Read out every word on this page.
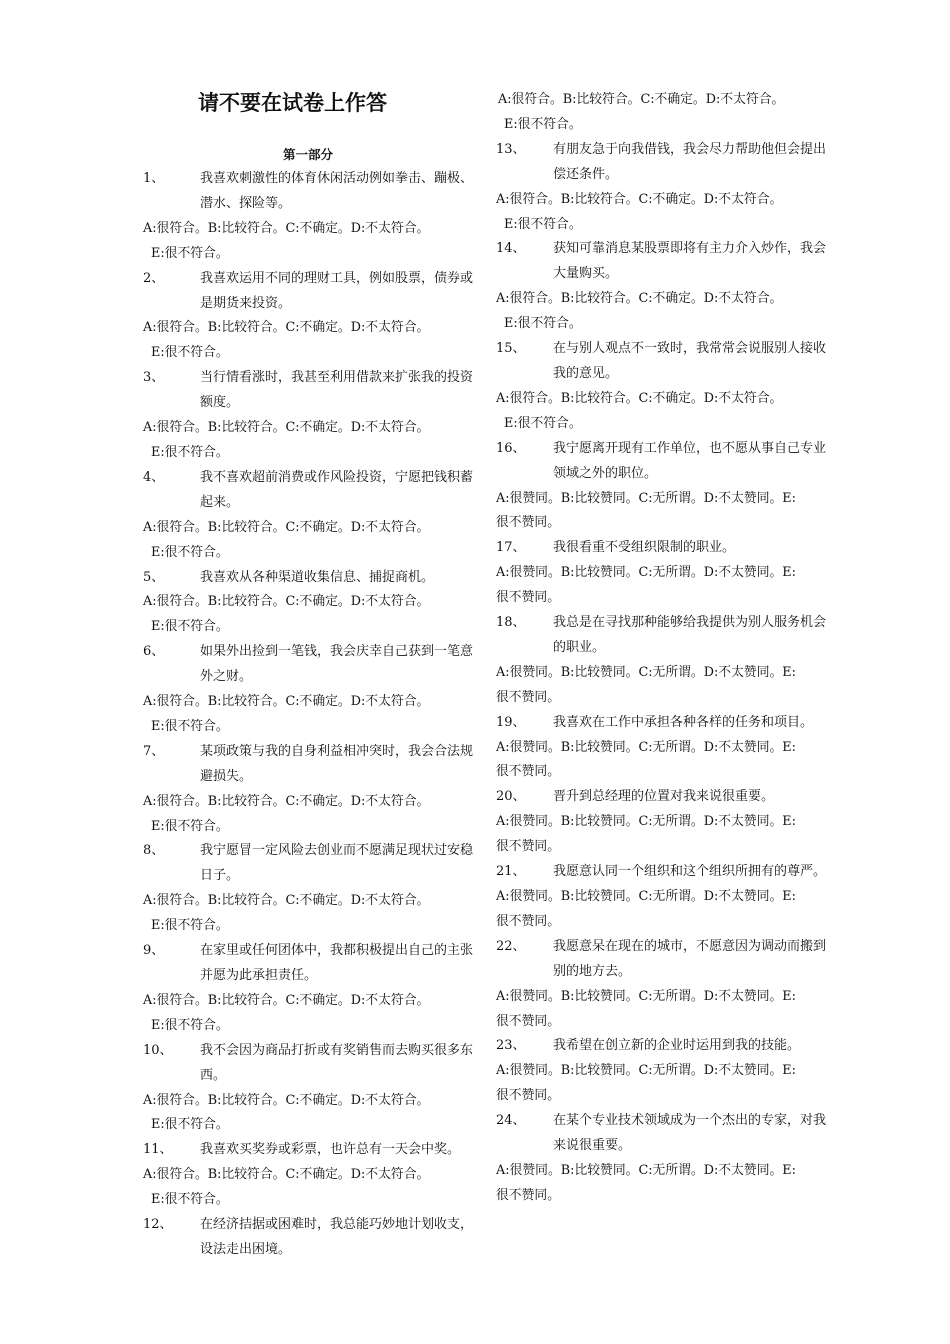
请不要在试卷上作答
第一部分
1、	我喜欢刺激性的体育休闲活动例如拳击、蹦极、潜水、探险等。
A:很符合。B:比较符合。C:不确定。D:不太符合。
E:很不符合。
2、	我喜欢运用不同的理财工具，例如股票，债券或是期货来投资。
A:很符合。B:比较符合。C:不确定。D:不太符合。
E:很不符合。
3、	当行情看涨时，我甚至利用借款来扩张我的投资额度。
A:很符合。B:比较符合。C:不确定。D:不太符合。
E:很不符合。
4、	我不喜欢超前消费或作风险投资，宁愿把钱积蓄起来。
A:很符合。B:比较符合。C:不确定。D:不太符合。
E:很不符合。
5、	我喜欢从各种渠道收集信息、捕捉商机。
A:很符合。B:比较符合。C:不确定。D:不太符合。
E:很不符合。
6、	如果外出捡到一笔钱，我会庆幸自己获到一笔意外之财。
A:很符合。B:比较符合。C:不确定。D:不太符合。
E:很不符合。
7、	某项政策与我的自身利益相冲突时，我会合法规避损失。
A:很符合。B:比较符合。C:不确定。D:不太符合。
E:很不符合。
8、	我宁愿冒一定风险去创业而不愿满足现状过安稳日子。
A:很符合。B:比较符合。C:不确定。D:不太符合。
E:很不符合。
9、	在家里或任何团体中，我都积极提出自己的主张并愿为此承担责任。
A:很符合。B:比较符合。C:不确定。D:不太符合。
E:很不符合。
10、	我不会因为商品打折或有奖销售而去购买很多东西。
A:很符合。B:比较符合。C:不确定。D:不太符合。
E:很不符合。
11、	我喜欢买奖券或彩票，也许总有一天会中奖。
A:很符合。B:比较符合。C:不确定。D:不太符合。
E:很不符合。
12、	在经济拮据或困难时，我总能巧妙地计划收支，设法走出困境。
A:很符合。B:比较符合。C:不确定。D:不太符合。
E:很不符合。
13、	有朋友急于向我借钱，我会尽力帮助他但会提出偿还条件。
A:很符合。B:比较符合。C:不确定。D:不太符合。
E:很不符合。
14、	获知可靠消息某股票即将有主力介入炒作，我会大量购买。
A:很符合。B:比较符合。C:不确定。D:不太符合。
E:很不符合。
15、	在与别人观点不一致时，我常常会说服别人接收我的意见。
A:很符合。B:比较符合。C:不确定。D:不太符合。
E:很不符合。
16、	我宁愿离开现有工作单位，也不愿从事自己专业领域之外的职位。
A:很赞同。B:比较赞同。C:无所谓。D:不太赞同。E:
很不赞同。
17、	我很看重不受组织限制的职业。
A:很赞同。B:比较赞同。C:无所谓。D:不太赞同。E:
很不赞同。
18、	我总是在寻找那种能够给我提供为别人服务机会的职业。
A:很赞同。B:比较赞同。C:无所谓。D:不太赞同。E:
很不赞同。
19、	我喜欢在工作中承担各种各样的任务和项目。
A:很赞同。B:比较赞同。C:无所谓。D:不太赞同。E:
很不赞同。
20、	晋升到总经理的位置对我来说很重要。
A:很赞同。B:比较赞同。C:无所谓。D:不太赞同。E:
很不赞同。
21、	我愿意认同一个组织和这个组织所拥有的尊严。
A:很赞同。B:比较赞同。C:无所谓。D:不太赞同。E:
很不赞同。
22、	我愿意呆在现在的城市，不愿意因为调动而搬到别的地方去。
A:很赞同。B:比较赞同。C:无所谓。D:不太赞同。E:
很不赞同。
23、	我希望在创立新的企业时运用到我的技能。
A:很赞同。B:比较赞同。C:无所谓。D:不太赞同。E:
很不赞同。
24、	在某个专业技术领域成为一个杰出的专家，对我来说很重要。
A:很赞同。B:比较赞同。C:无所谓。D:不太赞同。E:
很不赞同。
